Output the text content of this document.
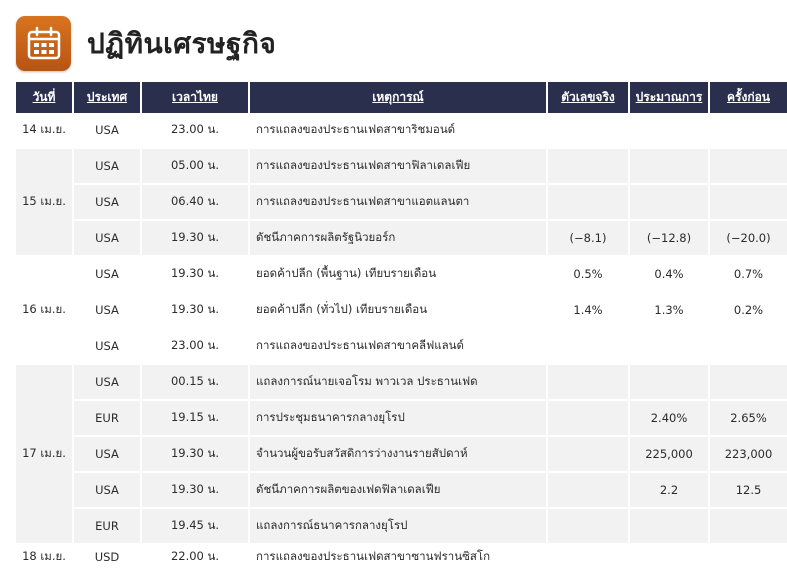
ปฏิทินเศรษฐกิจ
วันที่	ประเทศ	เวลาไทย	เหตุการณ์	ตัวเลขจริง	ประมาณการ	ครั้งก่อน
14 เม.ย.	USA	23.00 น.	การแถลงของประธานเฟดสาขาริชมอนด์			
15 เม.ย.	USA	05.00 น.	การแถลงของประธานเฟดสาขาฟิลาเดลเฟีย			
	USA	06.40 น.	การแถลงของประธานเฟดสาขาแอตแลนตา			
	USA	19.30 น.	ดัชนีภาคการผลิตรัฐนิวยอร์ก	(−8.1)	(−12.8)	(−20.0)
16 เม.ย.	USA	19.30 น.	ยอดค้าปลีก (พื้นฐาน) เทียบรายเดือน	0.5%	0.4%	0.7%
	USA	19.30 น.	ยอดค้าปลีก (ทั่วไป) เทียบรายเดือน	1.4%	1.3%	0.2%
	USA	23.00 น.	การแถลงของประธานเฟดสาขาคลีฟแลนด์			
17 เม.ย.	USA	00.15 น.	แถลงการณ์นายเจอโรม พาวเวล ประธานเฟด			
	EUR	19.15 น.	การประชุมธนาคารกลางยุโรป		2.40%	2.65%
	USA	19.30 น.	จำนวนผู้ขอรับสวัสดิการว่างงานรายสัปดาห์		225,000	223,000
	USA	19.30 น.	ดัชนีภาคการผลิตของเฟดฟิลาเดลเฟีย		2.2	12.5
	EUR	19.45 น.	แถลงการณ์ธนาคารกลางยุโรป			
18 เม.ย.	USD	22.00 น.	การแถลงของประธานเฟดสาขาซานฟรานซิสโก			
